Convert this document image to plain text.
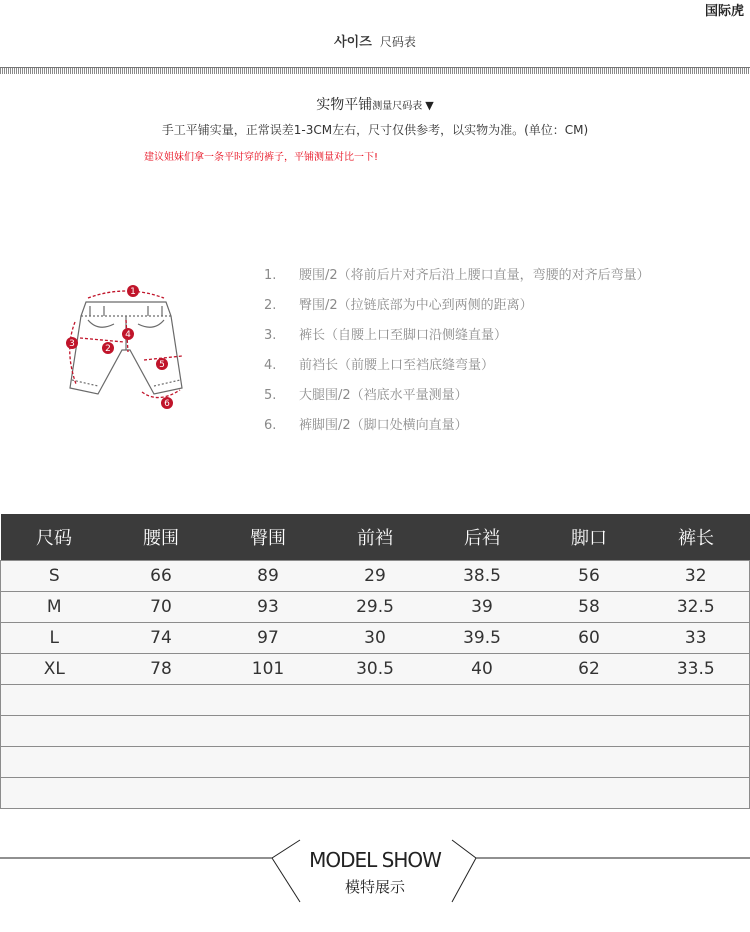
国际虎
사이즈 尺码表
实物平铺测量尺码表 ▼
手工平铺实量，正常误差1-3CM左右，尺寸仅供参考，以实物为准。(单位：CM)
建议姐妹们拿一条平时穿的裤子，平铺测量对比一下!
1
2
3
4
5
6
1. 腰围/2（将前后片对齐后沿上腰口直量，弯腰的对齐后弯量）
2. 臀围/2（拉链底部为中心到两侧的距离）
3. 裤长（自腰上口至脚口沿侧缝直量）
4. 前裆长（前腰上口至裆底缝弯量）
5. 大腿围/2（裆底水平量测量）
6. 裤脚围/2（脚口处横向直量）
尺码	腰围	臀围	前裆	后裆	脚口	裤长
S	66	89	29	38.5	56	32
M	70	93	29.5	39	58	32.5
L	74	97	30	39.5	60	33
XL	78	101	30.5	40	62	33.5

MODEL SHOW
模特展示
